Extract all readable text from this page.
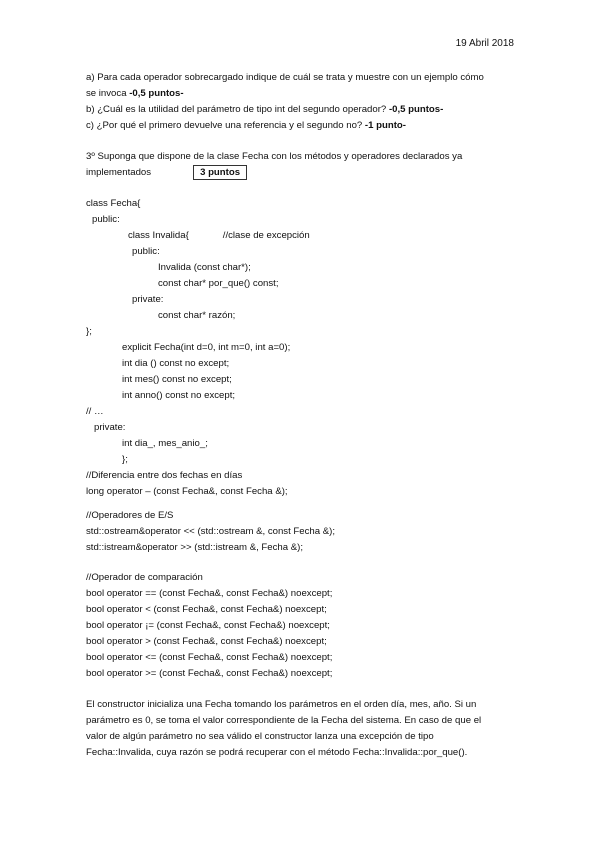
19 Abril 2018
a) Para cada operador sobrecargado indique de cuál se trata y muestre con un ejemplo cómo
se invoca -0,5 puntos-
b) ¿Cuál es la utilidad del parámetro de tipo int del segundo operador? -0,5 puntos-
c) ¿Por qué el primero devuelve una referencia y el segundo no? -1 punto-
3º Suponga que dispone de la clase Fecha con los métodos y operadores declarados ya
implementados	3 puntos
class Fecha{
public:
class Invalida{	//clase de excepción
public:
Invalida (const char*);
const char* por_que() const;
private:
const char* razón;
};
explicit Fecha(int d=0, int m=0, int a=0);
int dia () const no except;
int mes() const no except;
int anno() const no except;
// …
private:
int dia_, mes_anio_;
};
//Diferencia entre dos fechas en días
long operator – (const Fecha&, const Fecha &);
//Operadores de E/S
std::ostream&operator << (std::ostream &, const Fecha &);
std::istream&operator >> (std::istream &, Fecha &);
//Operador de comparación
bool operator == (const Fecha&, const Fecha&) noexcept;
bool operator < (const Fecha&, const Fecha&) noexcept;
bool operator ¡= (const Fecha&, const Fecha&) noexcept;
bool operator > (const Fecha&, const Fecha&) noexcept;
bool operator <= (const Fecha&, const Fecha&) noexcept;
bool operator >= (const Fecha&, const Fecha&) noexcept;
El constructor inicializa una Fecha tomando los parámetros en el orden día, mes, año. Si un
parámetro es 0, se toma el valor correspondiente de la Fecha del sistema. En caso de que el
valor de algún parámetro no sea válido el constructor lanza una excepción de tipo
Fecha::Invalida, cuya razón se podrá recuperar con el método Fecha::Invalida::por_que().
